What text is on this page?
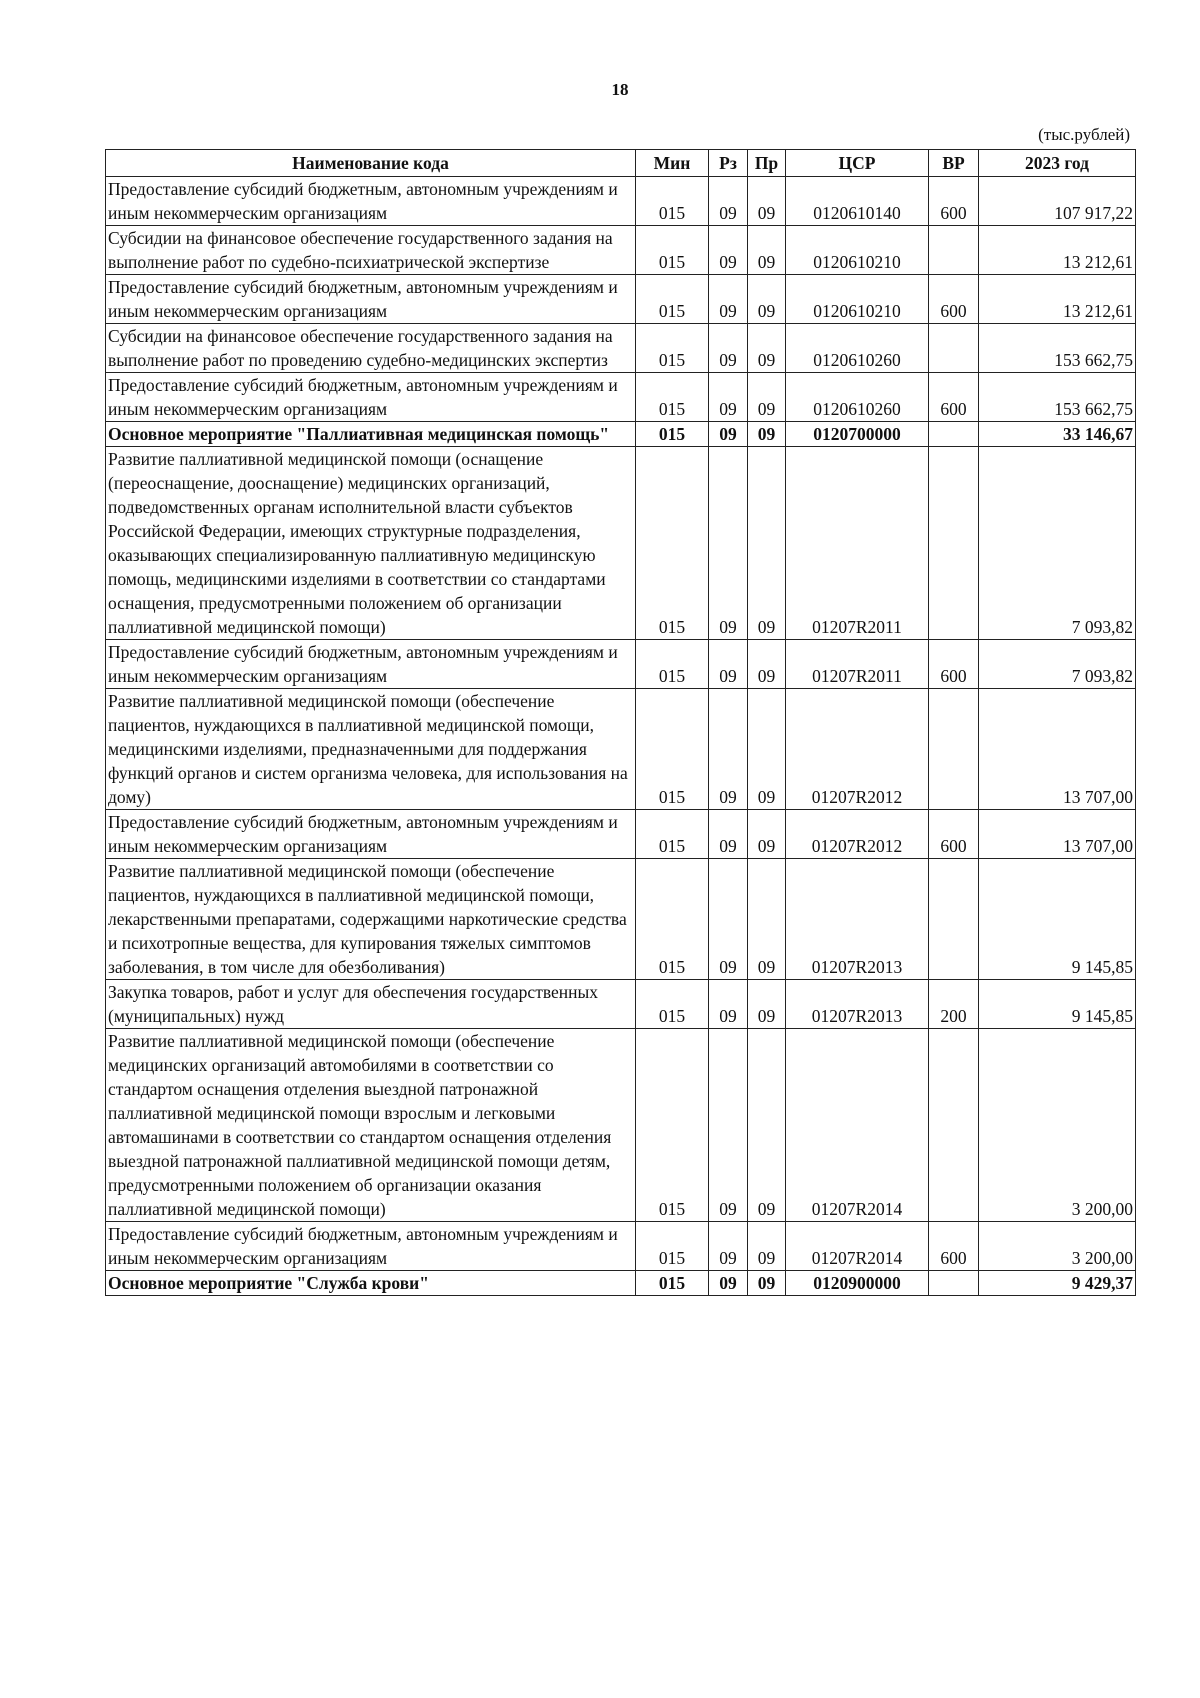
18
(тыс.рублей)
Наименование кода	Мин	Рз	Пр	ЦСР	ВР	2023 год
Предоставление субсидий бюджетным, автономным учреждениям и иным некоммерческим организациям	015	09	09	0120610140	600	107 917,22
Субсидии на финансовое обеспечение государственного задания на выполнение работ по судебно-психиатрической экспертизе	015	09	09	0120610210		13 212,61
Предоставление субсидий бюджетным, автономным учреждениям и иным некоммерческим организациям	015	09	09	0120610210	600	13 212,61
Субсидии на финансовое обеспечение государственного задания на выполнение работ по проведению судебно-медицинских экспертиз	015	09	09	0120610260		153 662,75
Предоставление субсидий бюджетным, автономным учреждениям и иным некоммерческим организациям	015	09	09	0120610260	600	153 662,75
Основное мероприятие "Паллиативная медицинская помощь"	015	09	09	0120700000		33 146,67
Развитие паллиативной медицинской помощи (оснащение (переоснащение, дооснащение) медицинских организаций, подведомственных органам исполнительной власти субъектов Российской Федерации, имеющих структурные подразделения, оказывающих специализированную паллиативную медицинскую помощь, медицинскими изделиями в соответствии со стандартами оснащения, предусмотренными положением об организации паллиативной медицинской помощи)	015	09	09	01207R2011		7 093,82
Предоставление субсидий бюджетным, автономным учреждениям и иным некоммерческим организациям	015	09	09	01207R2011	600	7 093,82
Развитие паллиативной медицинской помощи (обеспечение пациентов, нуждающихся в паллиативной медицинской помощи, медицинскими изделиями, предназначенными для поддержания функций органов и систем организма человека, для использования на дому)	015	09	09	01207R2012		13 707,00
Предоставление субсидий бюджетным, автономным учреждениям и иным некоммерческим организациям	015	09	09	01207R2012	600	13 707,00
Развитие паллиативной медицинской помощи (обеспечение пациентов, нуждающихся в паллиативной медицинской помощи, лекарственными препаратами, содержащими наркотические средства и психотропные вещества, для купирования тяжелых симптомов заболевания, в том числе для обезболивания)	015	09	09	01207R2013		9 145,85
Закупка товаров, работ и услуг для обеспечения государственных (муниципальных) нужд	015	09	09	01207R2013	200	9 145,85
Развитие паллиативной медицинской помощи (обеспечение медицинских организаций автомобилями в соответствии со стандартом оснащения отделения выездной патронажной паллиативной медицинской помощи взрослым и легковыми автомашинами в соответствии со стандартом оснащения отделения выездной патронажной паллиативной медицинской помощи детям, предусмотренными положением об организации оказания паллиативной медицинской помощи)	015	09	09	01207R2014		3 200,00
Предоставление субсидий бюджетным, автономным учреждениям и иным некоммерческим организациям	015	09	09	01207R2014	600	3 200,00
Основное мероприятие "Служба крови"	015	09	09	0120900000		9 429,37
